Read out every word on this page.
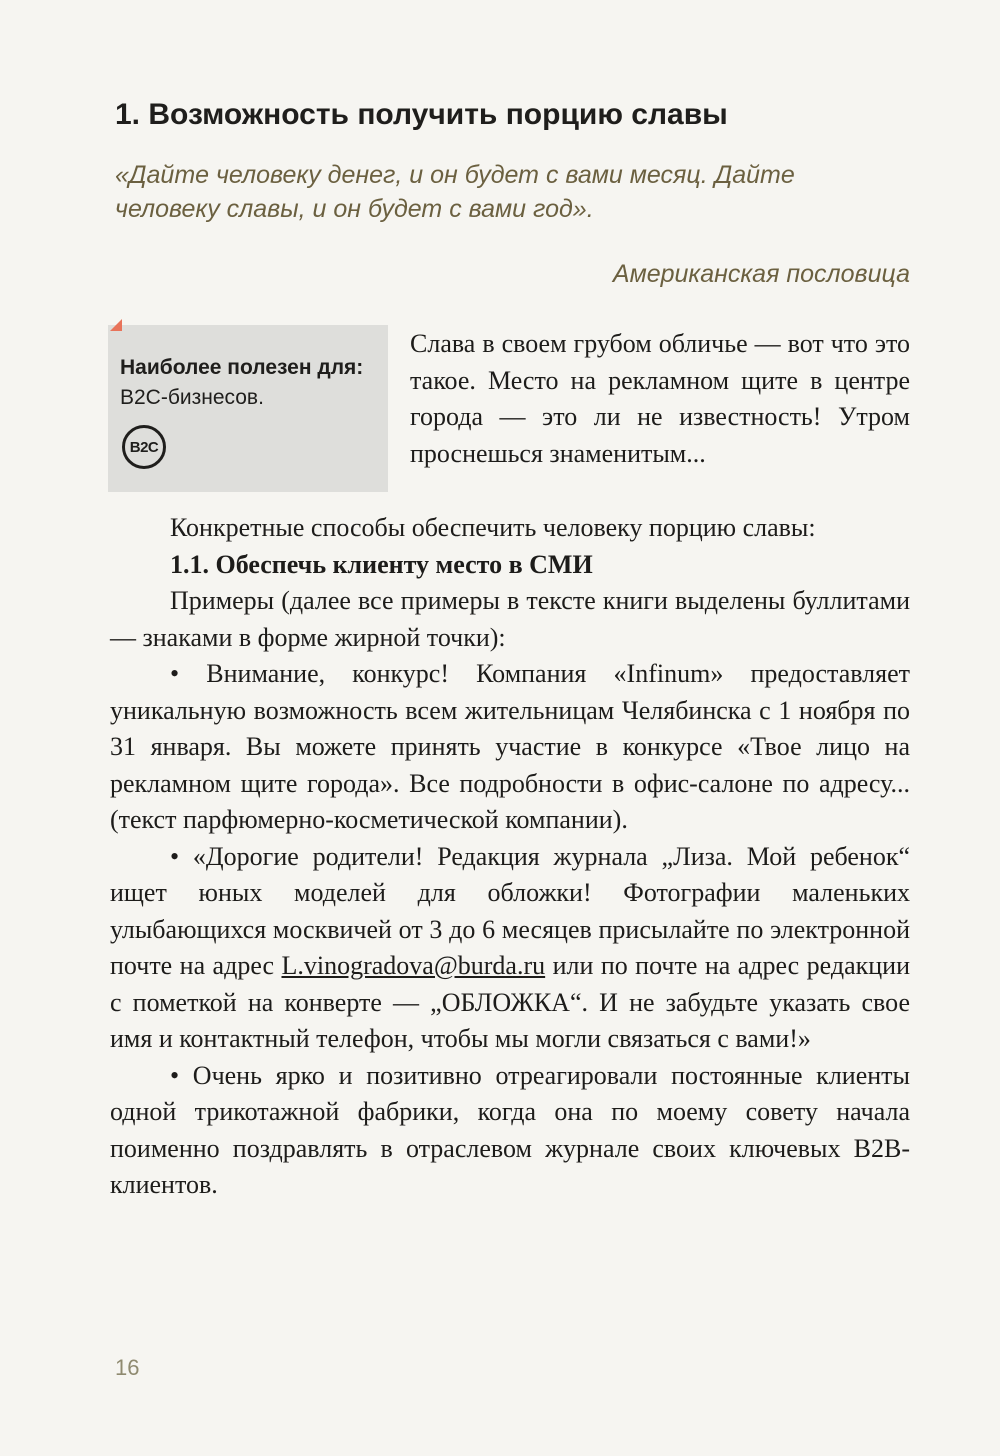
1. Возможность получить порцию славы

«Дайте человеку денег, и он будет с вами месяц. Дайте человеку славы, и он будет с вами год».

Американская пословица

Наиболее полезен для:
B2С-бизнесов.
B2C

Слава в своем грубом обличье — вот что это такое. Место на рекламном щите в центре города — это ли не известность! Утром проснешься знаменитым...

Конкретные способы обеспечить человеку порцию славы:

1.1. Обеспечь клиенту место в СМИ

Примеры (далее все примеры в тексте книги выделены буллитами — знаками в форме жирной точки):

• Внимание, конкурс! Компания «Infinum» предоставляет уникальную возможность всем жительницам Челябинска с 1 ноября по 31 января. Вы можете принять участие в конкурсе «Твое лицо на рекламном щите города». Все подробности в офис-салоне по адресу... (текст парфюмерно-косметической компании).

• «Дорогие родители! Редакция журнала „Лиза. Мой ребенок“ ищет юных моделей для обложки! Фотографии маленьких улыбающихся москвичей от 3 до 6 месяцев присылайте по электронной почте на адрес L.vinogradova@burda.ru или по почте на адрес редакции с пометкой на конверте — „ОБЛОЖКА“. И не забудьте указать свое имя и контактный телефон, чтобы мы могли связаться с вами!»

• Очень ярко и позитивно отреагировали постоянные клиенты одной трикотажной фабрики, когда она по моему совету начала поименно поздравлять в отраслевом журнале своих ключевых B2B-клиентов.

16
